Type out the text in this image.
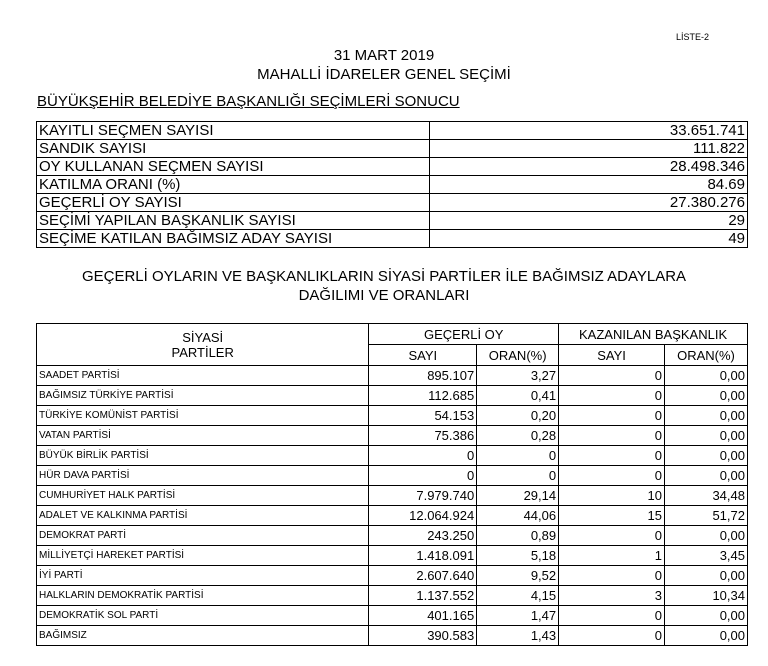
LİSTE-2
31 MART 2019
MAHALLİ İDARELER GENEL SEÇİMİ
BÜYÜKŞEHİR BELEDİYE BAŞKANLIĞI SEÇİMLERİ SONUCU
KAYITLI SEÇMEN SAYISI	33.651.741
SANDIK SAYISI	111.822
OY KULLANAN SEÇMEN SAYISI	28.498.346
KATILMA ORANI (%)	84.69
GEÇERLİ OY SAYISI	27.380.276
SEÇİMİ YAPILAN BAŞKANLIK SAYISI	29
SEÇİME KATILAN BAĞIMSIZ ADAY SAYISI	49
GEÇERLİ OYLARIN VE BAŞKANLIKLARIN SİYASİ PARTİLER İLE BAĞIMSIZ ADAYLARA
DAĞILIMI VE ORANLARI
SİYASİ
PARTİLER	GEÇERLİ OY		KAZANILAN BAŞKANLIK	
	SAYI	ORAN(%)	SAYI	ORAN(%)
SAADET PARTİSİ	895.107	3,27	0	0,00
BAĞIMSIZ TÜRKİYE PARTİSİ	112.685	0,41	0	0,00
TÜRKİYE KOMÜNİST PARTİSİ	54.153	0,20	0	0,00
VATAN PARTİSİ	75.386	0,28	0	0,00
BÜYÜK BİRLİK PARTİSİ	0	0	0	0,00
HÜR DAVA PARTİSİ	0	0	0	0,00
CUMHURİYET HALK PARTİSİ	7.979.740	29,14	10	34,48
ADALET VE KALKINMA PARTİSİ	12.064.924	44,06	15	51,72
DEMOKRAT PARTİ	243.250	0,89	0	0,00
MİLLİYETÇİ HAREKET PARTİSİ	1.418.091	5,18	1	3,45
İYİ PARTİ	2.607.640	9,52	0	0,00
HALKLARIN DEMOKRATİK PARTİSİ	1.137.552	4,15	3	10,34
DEMOKRATİK SOL PARTİ	401.165	1,47	0	0,00
BAĞIMSIZ	390.583	1,43	0	0,00
